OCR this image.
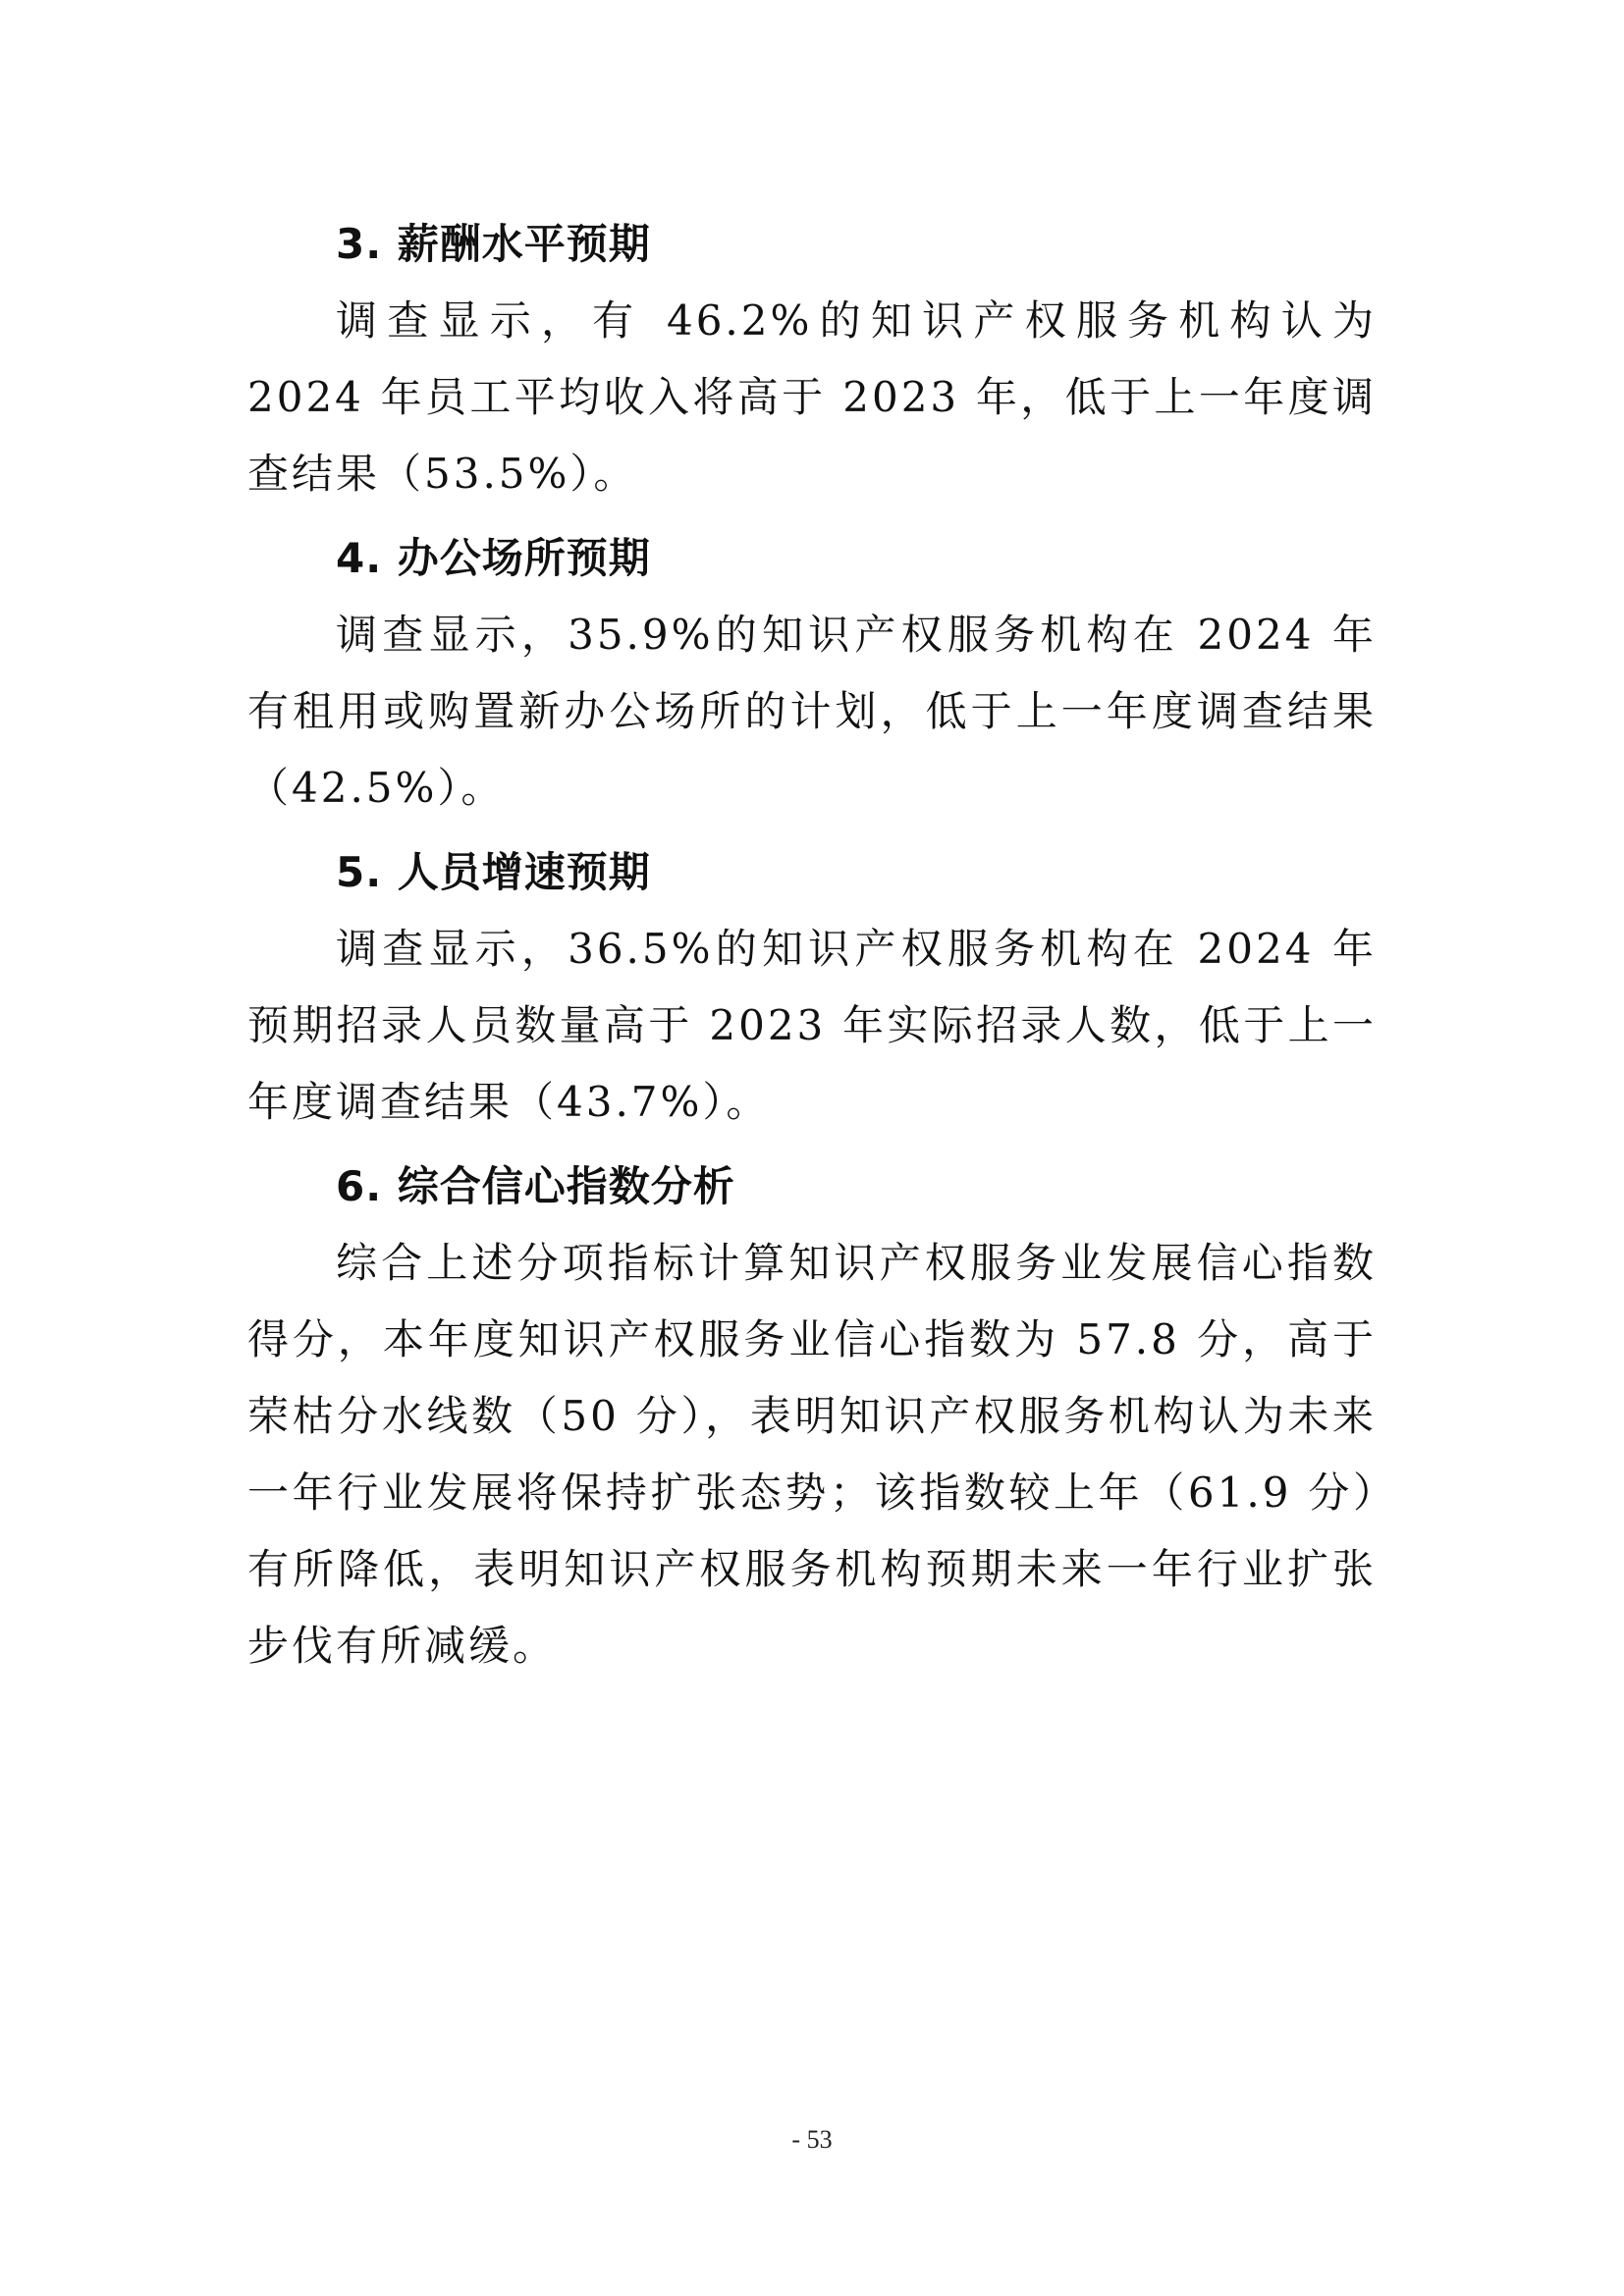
3. 薪酬水平预期

调查显示，有 46.2%的知识产权服务机构认为 2024 年员工平均收入将高于 2023 年，低于上一年度调查结果（53.5%）。

4. 办公场所预期

调查显示，35.9%的知识产权服务机构在 2024 年有租用或购置新办公场所的计划，低于上一年度调查结果（42.5%）。

5. 人员增速预期

调查显示，36.5%的知识产权服务机构在 2024 年预期招录人员数量高于 2023 年实际招录人数，低于上一年度调查结果（43.7%）。

6. 综合信心指数分析

综合上述分项指标计算知识产权服务业发展信心指数得分，本年度知识产权服务业信心指数为 57.8 分，高于荣枯分水线数（50 分），表明知识产权服务机构认为未来一年行业发展将保持扩张态势；该指数较上年（61.9 分）有所降低，表明知识产权服务机构预期未来一年行业扩张步伐有所减缓。

- 53
